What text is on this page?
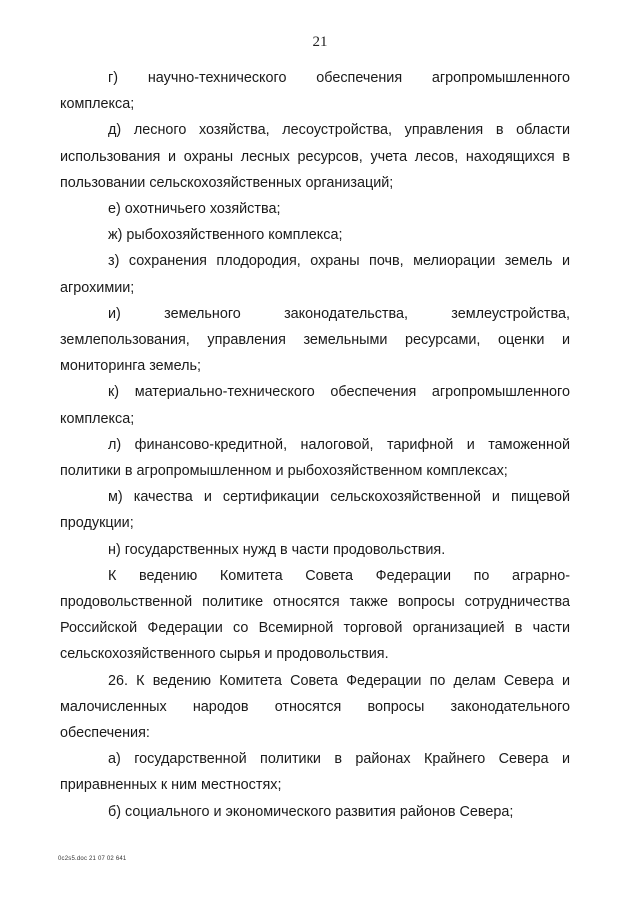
21

г) научно-технического обеспечения агропромышленного комплекса;

д) лесного хозяйства, лесоустройства, управления в области использования и охраны лесных ресурсов, учета лесов, находящихся в пользовании сельскохозяйственных организаций;

е) охотничьего хозяйства;

ж) рыбохозяйственного комплекса;

з) сохранения плодородия, охраны почв, мелиорации земель и агрохимии;

и) земельного законодательства, землеустройства, землепользования, управления земельными ресурсами, оценки и мониторинга земель;

к) материально-технического обеспечения агропромышленного комплекса;

л) финансово-кредитной, налоговой, тарифной и таможенной политики в агропромышленном и рыбохозяйственном комплексах;

м) качества и сертификации сельскохозяйственной и пищевой продукции;

н) государственных нужд в части продовольствия.

К ведению Комитета Совета Федерации по аграрно-продовольственной политике относятся также вопросы сотрудничества Российской Федерации со Всемирной торговой организацией в части сельскохозяйственного сырья и продовольствия.

26. К ведению Комитета Совета Федерации по делам Севера и малочисленных народов относятся вопросы законодательного обеспечения:

а) государственной политики в районах Крайнего Севера и приравненных к ним местностях;

б) социального и экономического развития районов Севера;

0c2s5.doc 21 07 02 641
